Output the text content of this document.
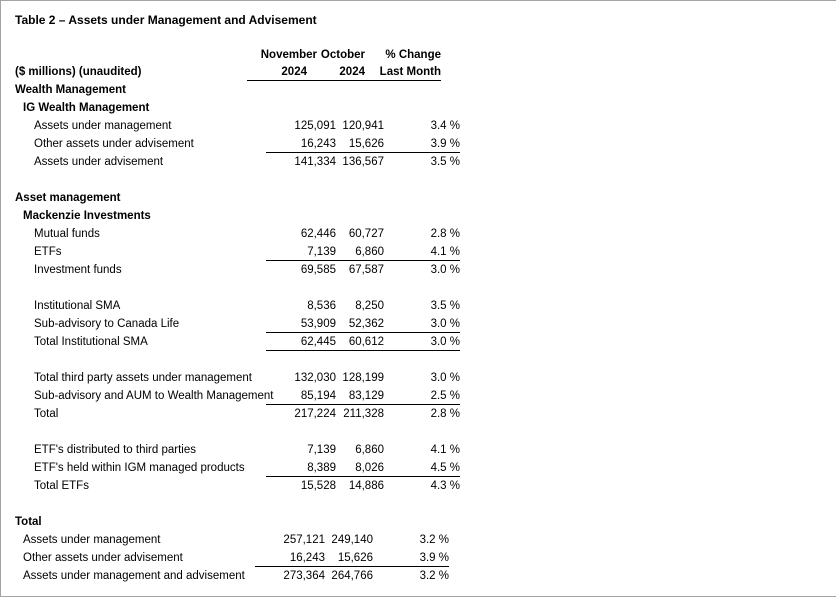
Table 2 – Assets under Management and Advisement
November October	% Change
($ millions) (unaudited)	2024	2024	Last Month
Wealth Management
IG Wealth Management
Assets under management	125,091 120,941	3.4 %
Other assets under advisement	16,243	15,626	3.9 %
Assets under advisement	141,334 136,567	3.5 %
Asset management
Mackenzie Investments
Mutual funds	62,446	60,727	2.8 %
ETFs	7,139	6,860	4.1 %
Investment funds	69,585	67,587	3.0 %
Institutional SMA	8,536	8,250	3.5 %
Sub-advisory to Canada Life	53,909	52,362	3.0 %
Total Institutional SMA	62,445	60,612	3.0 %
Total third party assets under management	132,030 128,199	3.0 %
Sub-advisory and AUM to Wealth Management	85,194	83,129	2.5 %
Total	217,224 211,328	2.8 %
ETF's distributed to third parties	7,139	6,860	4.1 %
ETF's held within IGM managed products	8,389	8,026	4.5 %
Total ETFs	15,528	14,886	4.3 %
Total
Assets under management	257,121 249,140	3.2 %
Other assets under advisement	16,243	15,626	3.9 %
Assets under management and advisement	273,364 264,766	3.2 %
